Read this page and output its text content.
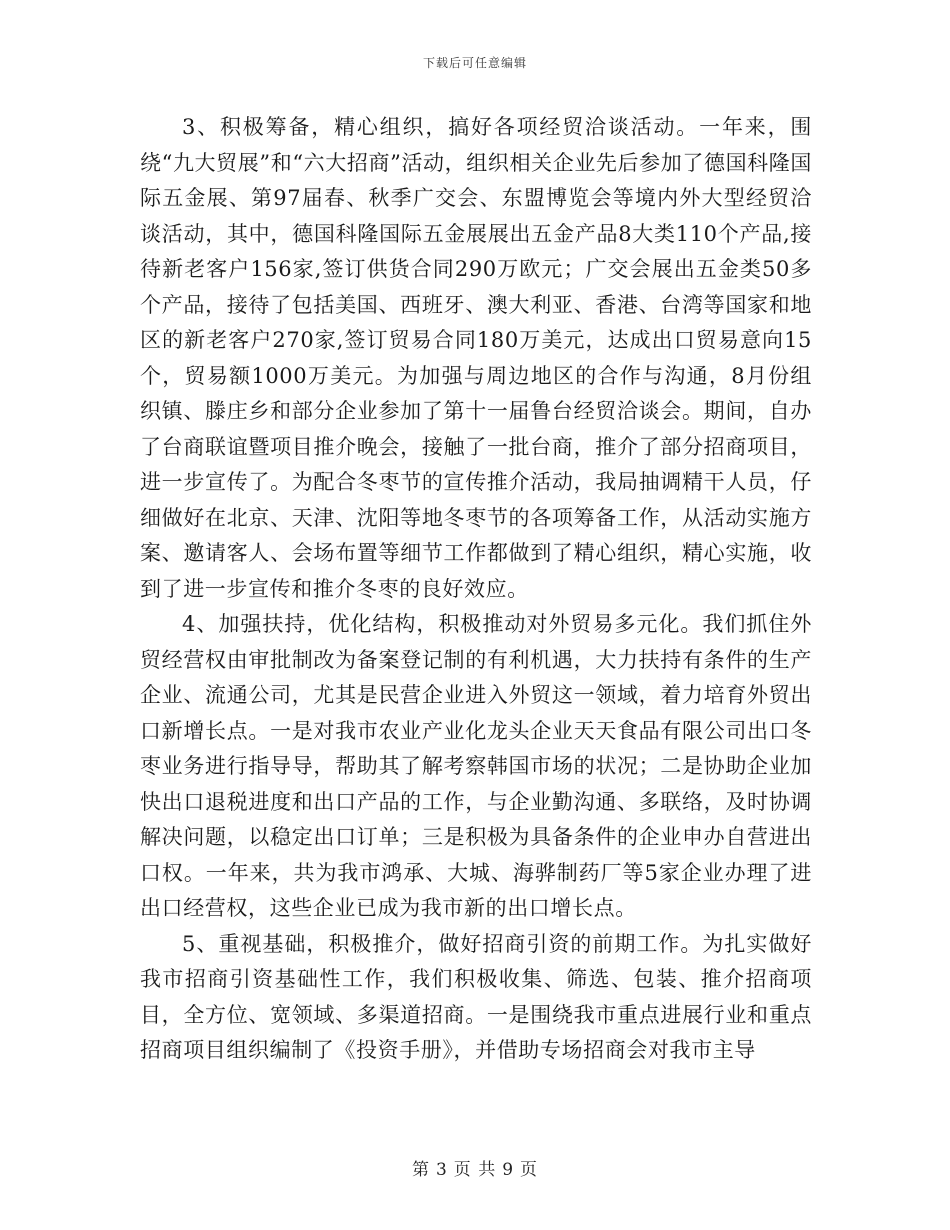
下载后可任意编辑

3、积极筹备，精心组织，搞好各项经贸洽谈活动。一年来，围绕“九大贸展”和“六大招商”活动，组织相关企业先后参加了德国科隆国际五金展、第97届春、秋季广交会、东盟博览会等境内外大型经贸洽谈活动，其中，德国科隆国际五金展展出五金产品8大类110个产品,接待新老客户156家,签订供货合同290万欧元；广交会展出五金类50多个产品，接待了包括美国、西班牙、澳大利亚、香港、台湾等国家和地区的新老客户270家,签订贸易合同180万美元，达成出口贸易意向15个，贸易额1000万美元。为加强与周边地区的合作与沟通，8月份组织镇、滕庄乡和部分企业参加了第十一届鲁台经贸洽谈会。期间，自办了台商联谊暨项目推介晚会，接触了一批台商，推介了部分招商项目，进一步宣传了。为配合冬枣节的宣传推介活动，我局抽调精干人员，仔细做好在北京、天津、沈阳等地冬枣节的各项筹备工作，从活动实施方案、邀请客人、会场布置等细节工作都做到了精心组织，精心实施，收到了进一步宣传和推介冬枣的良好效应。

4、加强扶持，优化结构，积极推动对外贸易多元化。我们抓住外贸经营权由审批制改为备案登记制的有利机遇，大力扶持有条件的生产企业、流通公司，尤其是民营企业进入外贸这一领域，着力培育外贸出口新增长点。一是对我市农业产业化龙头企业天天食品有限公司出口冬枣业务进行指导导，帮助其了解考察韩国市场的状况；二是协助企业加快出口退税进度和出口产品的工作，与企业勤沟通、多联络，及时协调解决问题，以稳定出口订单；三是积极为具备条件的企业申办自营进出口权。一年来，共为我市鸿承、大城、海骅制药厂等5家企业办理了进出口经营权，这些企业已成为我市新的出口增长点。

5、重视基础，积极推介，做好招商引资的前期工作。为扎实做好我市招商引资基础性工作，我们积极收集、筛选、包装、推介招商项目，全方位、宽领域、多渠道招商。一是围绕我市重点进展行业和重点招商项目组织编制了《投资手册》，并借助专场招商会对我市主导

第 3 页 共 9 页
